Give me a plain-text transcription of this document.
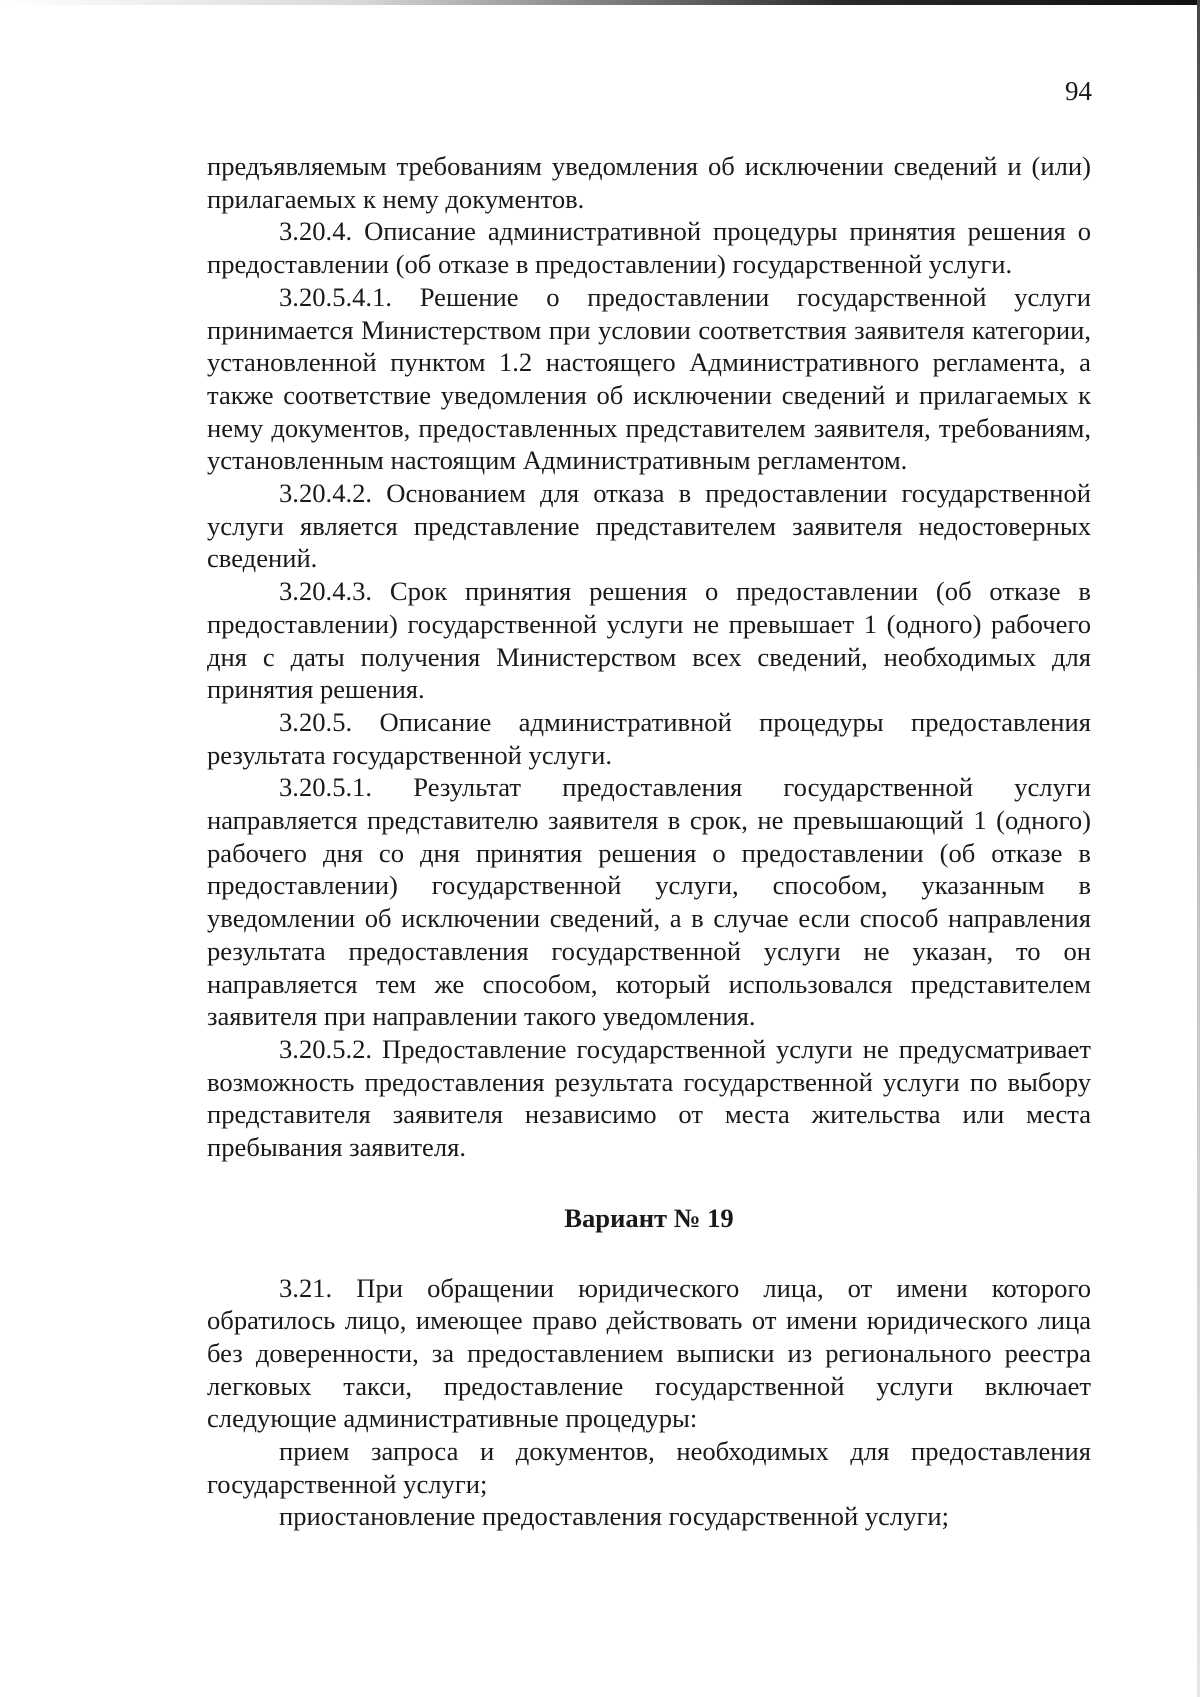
94

предъявляемым требованиям уведомления об исключении сведений и (или) прилагаемых к нему документов.

3.20.4. Описание административной процедуры принятия решения о предоставлении (об отказе в предоставлении) государственной услуги.

3.20.5.4.1. Решение о предоставлении государственной услуги принимается Министерством при условии соответствия заявителя категории, установленной пунктом 1.2 настоящего Административного регламента, а также соответствие уведомления об исключении сведений и прилагаемых к нему документов, предоставленных представителем заявителя, требованиям, установленным настоящим Административным регламентом.

3.20.4.2. Основанием для отказа в предоставлении государственной услуги является представление представителем заявителя недостоверных сведений.

3.20.4.3. Срок принятия решения о предоставлении (об отказе в предоставлении) государственной услуги не превышает 1 (одного) рабочего дня с даты получения Министерством всех сведений, необходимых для принятия решения.

3.20.5. Описание административной процедуры предоставления результата государственной услуги.

3.20.5.1. Результат предоставления государственной услуги направляется представителю заявителя в срок, не превышающий 1 (одного) рабочего дня со дня принятия решения о предоставлении (об отказе в предоставлении) государственной услуги, способом, указанным в уведомлении об исключении сведений, а в случае если способ направления результата предоставления государственной услуги не указан, то он направляется тем же способом, который использовался представителем заявителя при направлении такого уведомления.

3.20.5.2. Предоставление государственной услуги не предусматривает возможность предоставления результата государственной услуги по выбору представителя заявителя независимо от места жительства или места пребывания заявителя.

Вариант № 19

3.21. При обращении юридического лица, от имени которого обратилось лицо, имеющее право действовать от имени юридического лица без доверенности, за предоставлением выписки из регионального реестра легковых такси, предоставление государственной услуги включает следующие административные процедуры:

прием запроса и документов, необходимых для предоставления государственной услуги;

приостановление предоставления государственной услуги;
